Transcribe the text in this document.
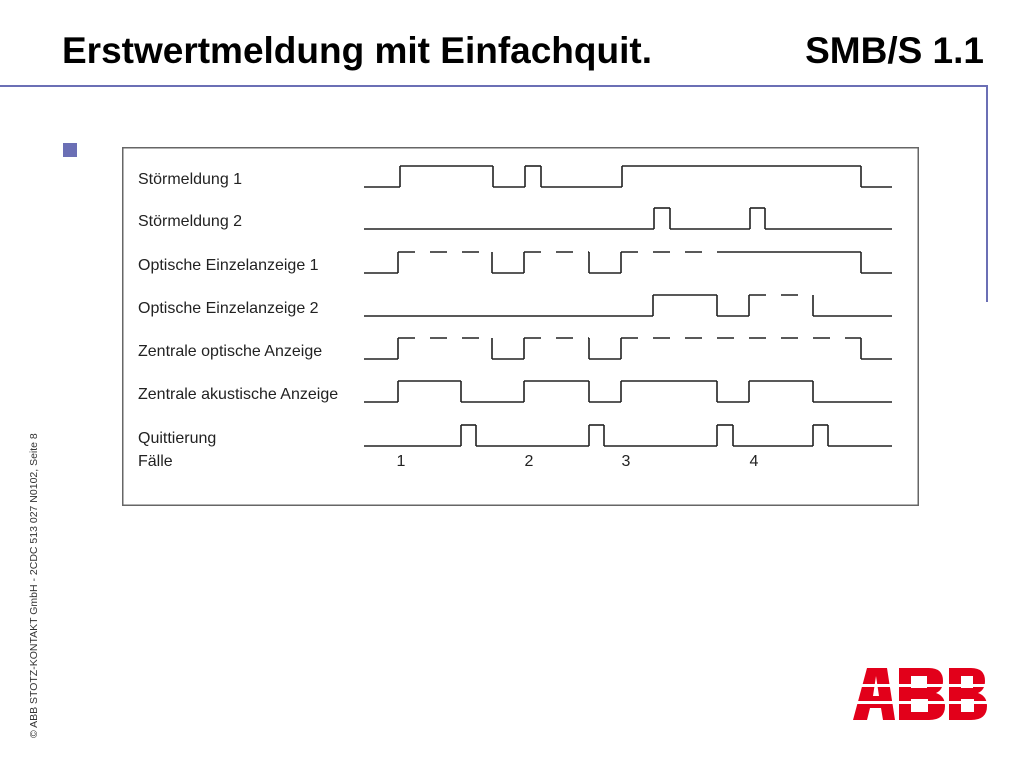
Erstwertmeldung mit Einfachquit.	SMB/S 1.1
Störmeldung 1
Störmeldung 2
Optische Einzelanzeige 1
Optische Einzelanzeige 2
Zentrale optische Anzeige
Zentrale akustische Anzeige
Quittierung
Fälle	1	2	3	4
© ABB STOTZ-KONTAKT GmbH - 2CDC 513 027 N0102, Seite 8
